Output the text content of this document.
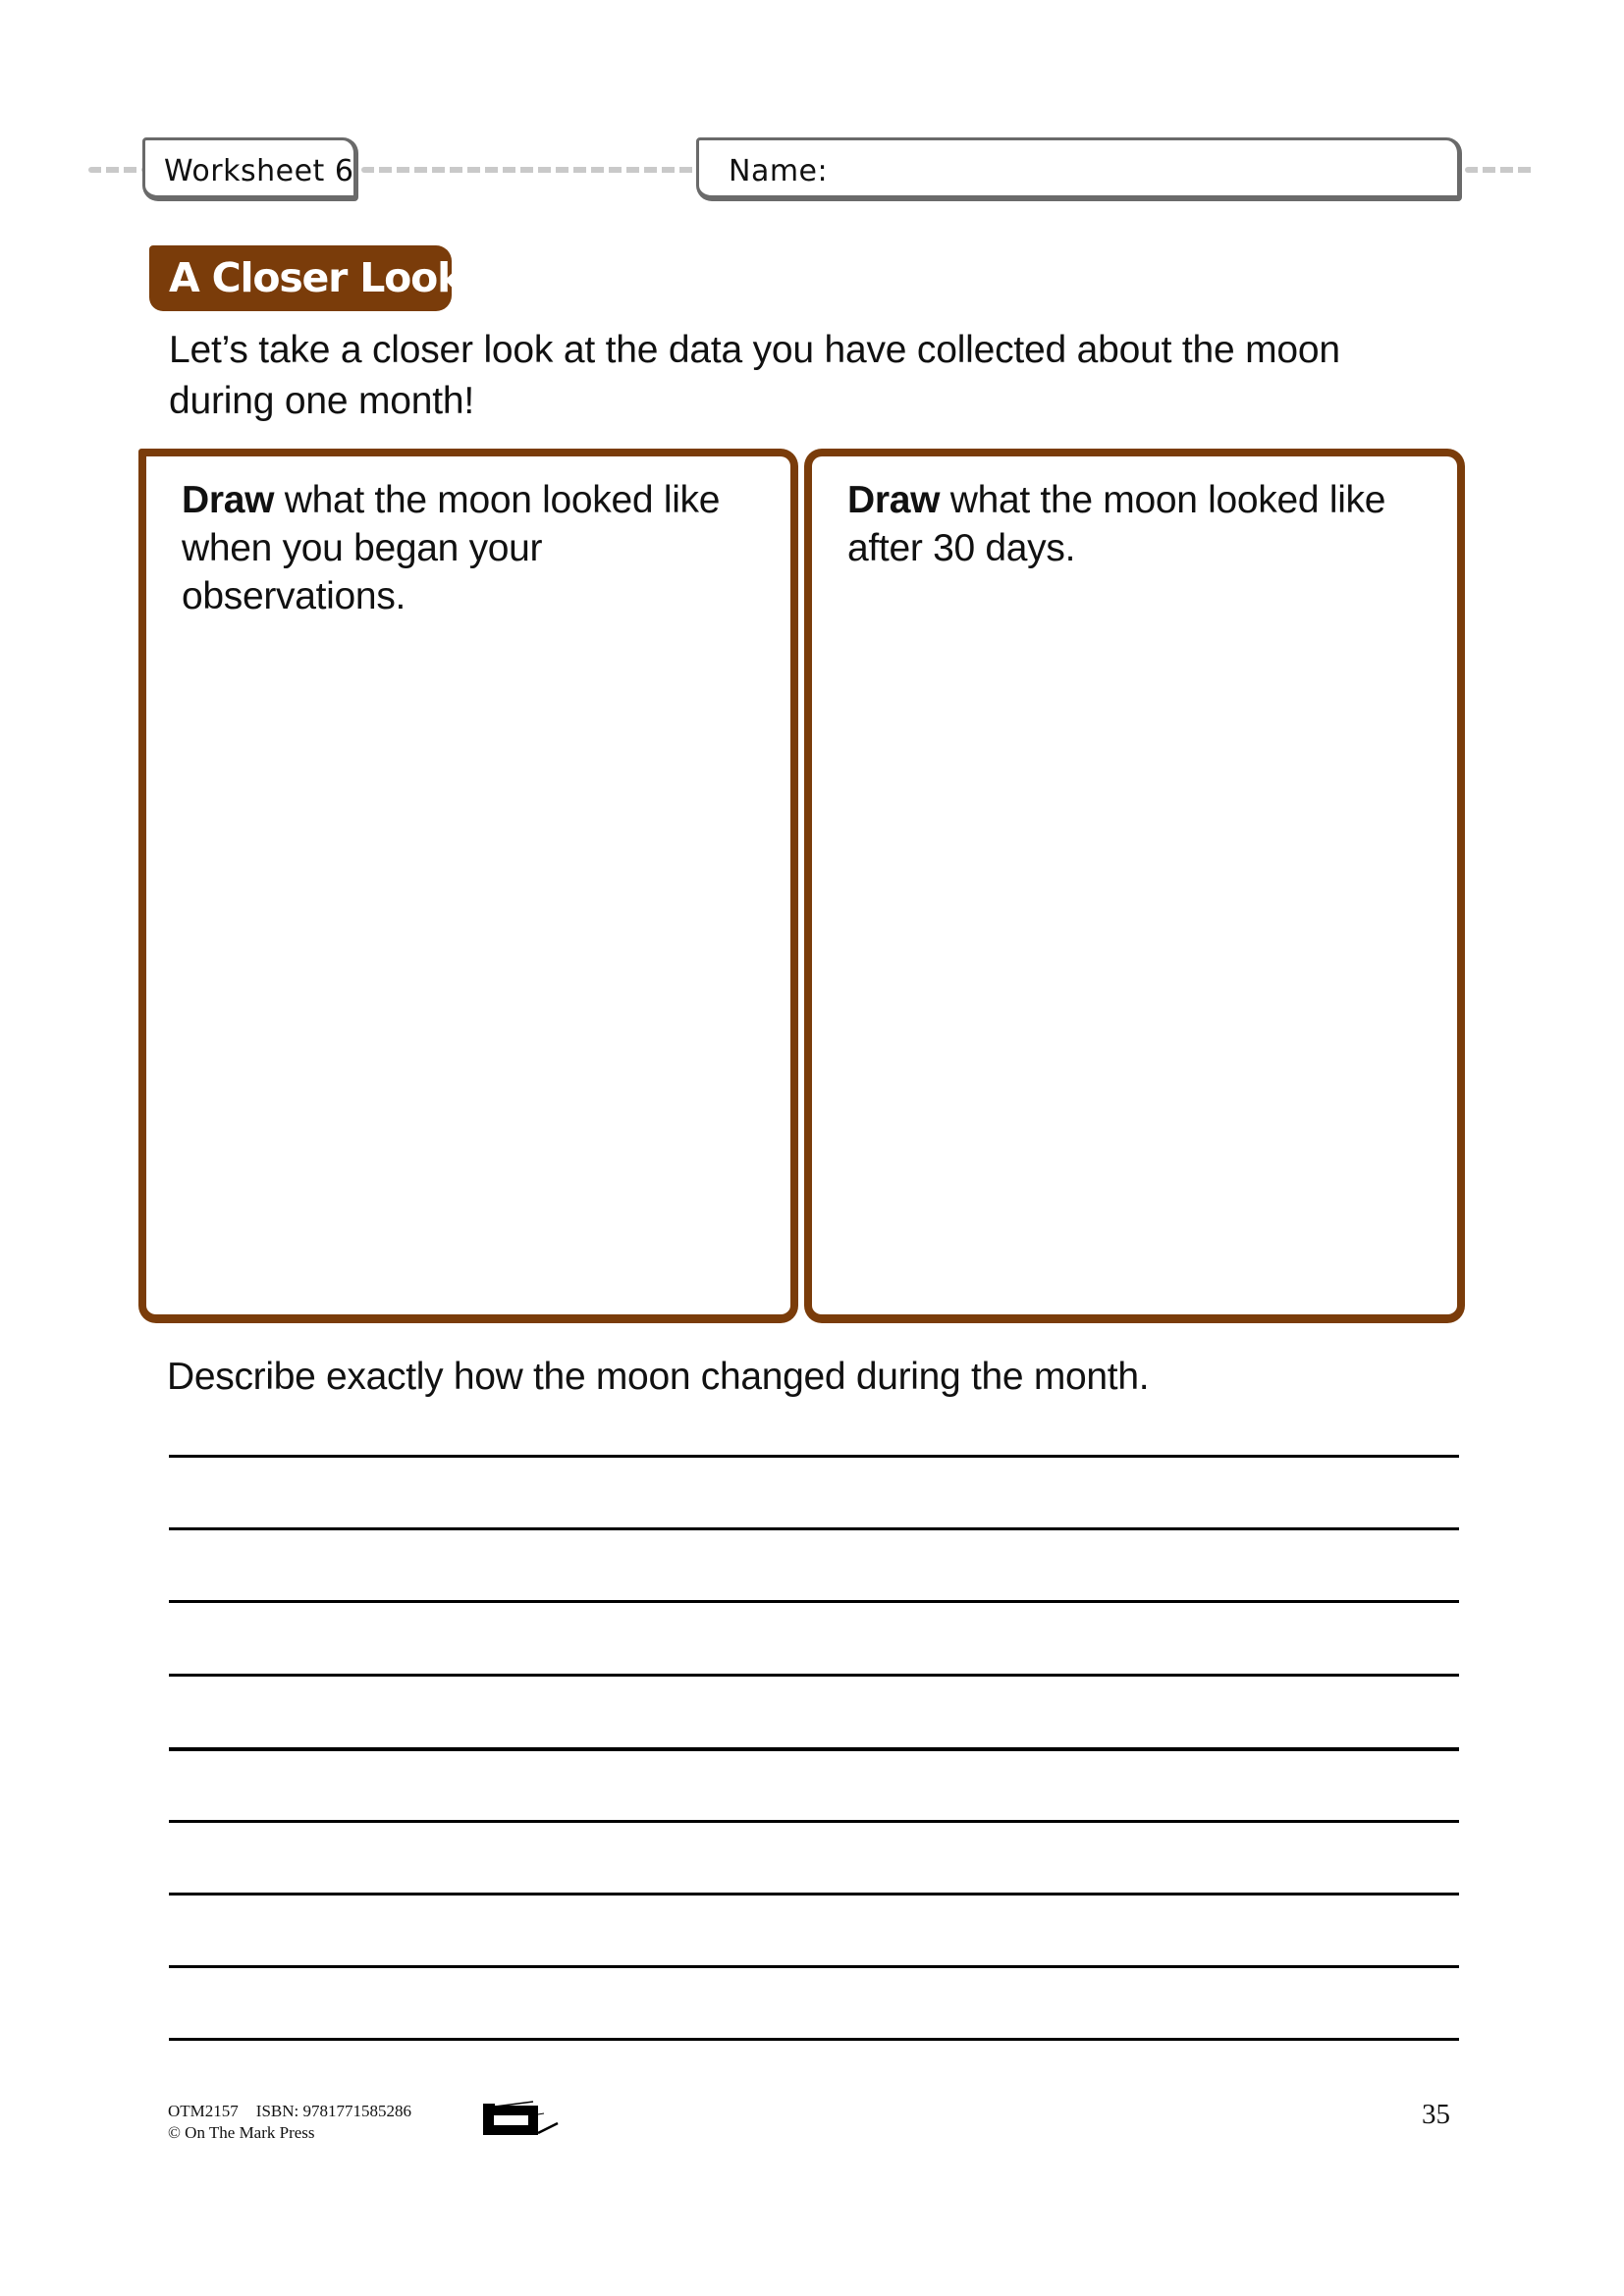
Worksheet 6	Name:
A Closer Look!
Let’s take a closer look at the data you have collected about the moon during one month!
Draw what the moon looked like when you began your observations.
Draw what the moon looked like after 30 days.
Describe exactly how the moon changed during the month.
OTM2157 ISBN: 9781771585286
© On The Mark Press
35
